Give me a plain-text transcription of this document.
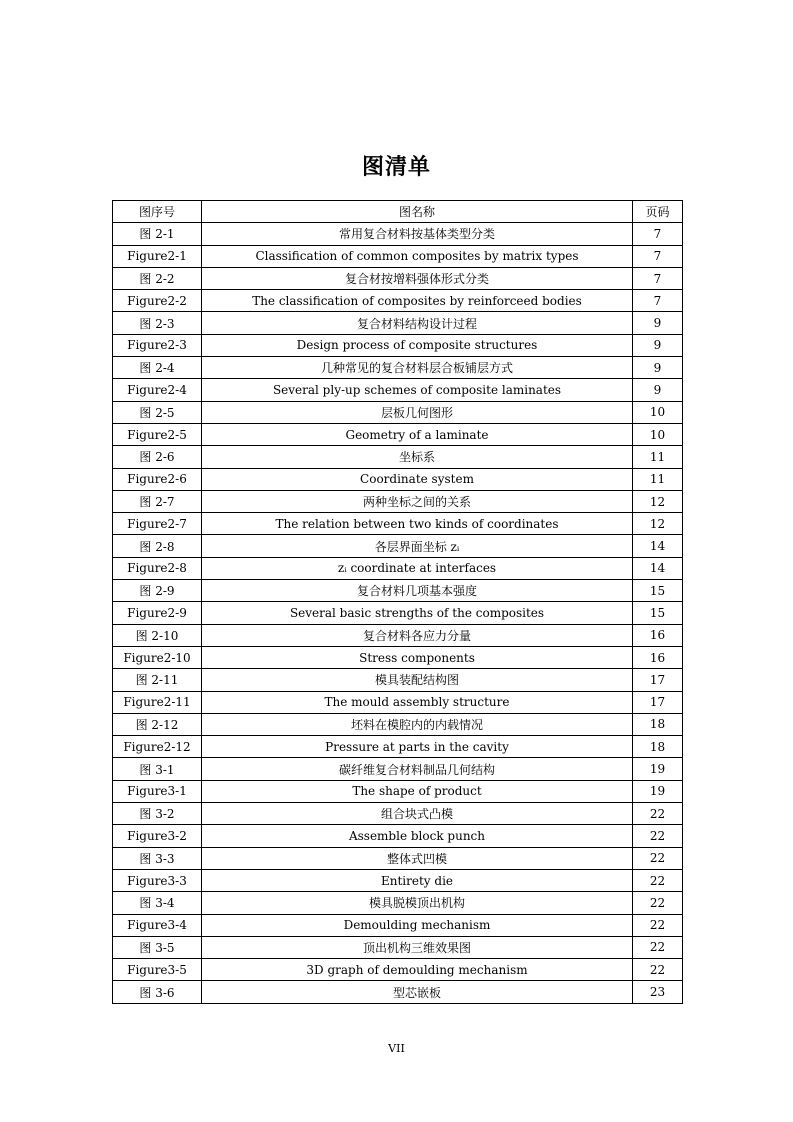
图清单
图序号	图名称	页码
图 2-1	常用复合材料按基体类型分类	7
Figure2-1	Classification of common composites by matrix types	7
图 2-2	复合材按增料强体形式分类	7
Figure2-2	The classification of composites by reinforceed bodies	7
图 2-3	复合材料结构设计过程	9
Figure2-3	Design process of composite structures	9
图 2-4	几种常见的复合材料层合板铺层方式	9
Figure2-4	Several ply-up schemes of composite laminates	9
图 2-5	层板几何图形	10
Figure2-5	Geometry of a laminate	10
图 2-6	坐标系	11
Figure2-6	Coordinate system	11
图 2-7	两种坐标之间的关系	12
Figure2-7	The relation between two kinds of coordinates	12
图 2-8	各层界面坐标 zᵢ	14
Figure2-8	zᵢ coordinate at interfaces	14
图 2-9	复合材料几项基本强度	15
Figure2-9	Several basic strengths of the composites	15
图 2-10	复合材料各应力分量	16
Figure2-10	Stress components	16
图 2-11	模具装配结构图	17
Figure2-11	The mould assembly structure	17
图 2-12	坯料在模腔内的内载情况	18
Figure2-12	Pressure at parts in the cavity	18
图 3-1	碳纤维复合材料制品几何结构	19
Figure3-1	The shape of product	19
图 3-2	组合块式凸模	22
Figure3-2	Assemble block punch	22
图 3-3	整体式凹模	22
Figure3-3	Entirety die	22
图 3-4	模具脱模顶出机构	22
Figure3-4	Demoulding mechanism	22
图 3-5	顶出机构三维效果图	22
Figure3-5	3D graph of demoulding mechanism	22
图 3-6	型芯嵌板	23
VII
